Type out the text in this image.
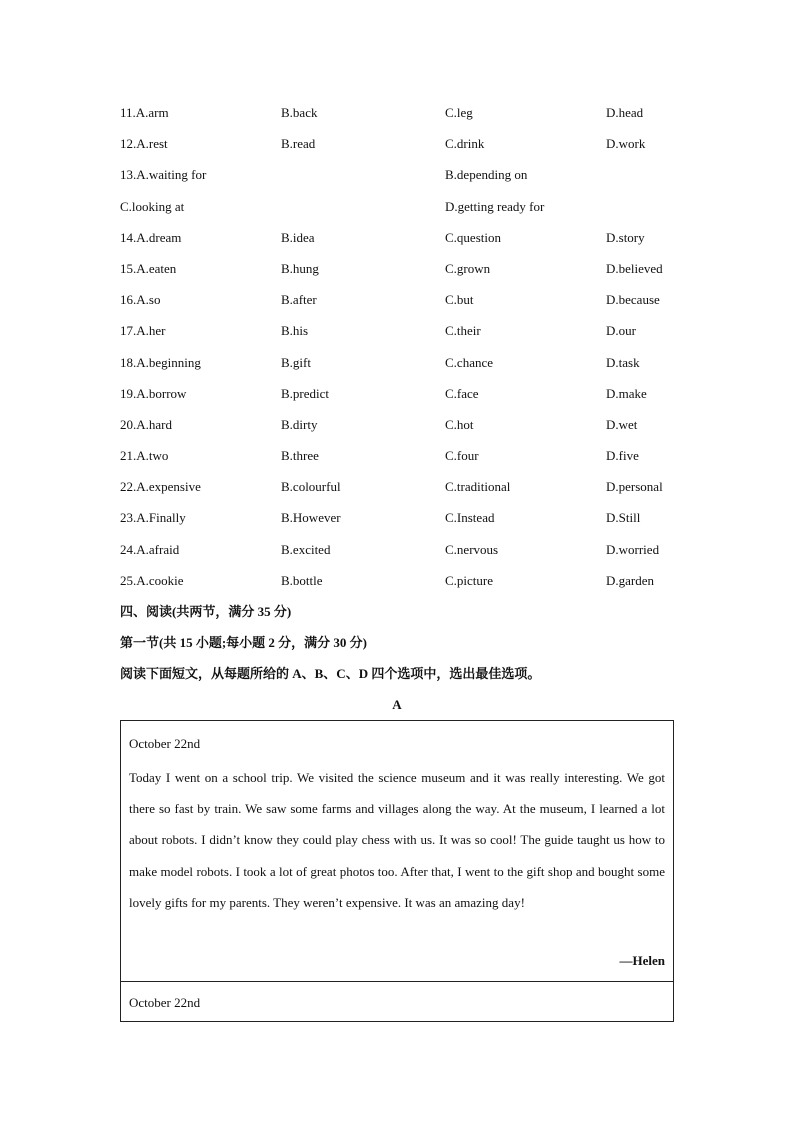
11.A.arm	B.back	C.leg	D.head
12.A.rest	B.read	C.drink	D.work
13.A.waiting for	B.depending on
C.looking at	D.getting ready for
14.A.dream	B.idea	C.question	D.story
15.A.eaten	B.hung	C.grown	D.believed
16.A.so	B.after	C.but	D.because
17.A.her	B.his	C.their	D.our
18.A.beginning	B.gift	C.chance	D.task
19.A.borrow	B.predict	C.face	D.make
20.A.hard	B.dirty	C.hot	D.wet
21.A.two	B.three	C.four	D.five
22.A.expensive	B.colourful	C.traditional	D.personal
23.A.Finally	B.However	C.Instead	D.Still
24.A.afraid	B.excited	C.nervous	D.worried
25.A.cookie	B.bottle	C.picture	D.garden
四、阅读(共两节，满分 35 分)
第一节(共 15 小题;每小题 2 分，满分 30 分)
阅读下面短文，从每题所给的 A、B、C、D 四个选项中，选出最佳选项。
A
October 22nd
Today I went on a school trip. We visited the science museum and it was really interesting. We got there so fast by train. We saw some farms and villages along the way. At the museum, I learned a lot about robots. I didn’t know they could play chess with us. It was so cool! The guide taught us how to make model robots. I took a lot of great photos too. After that, I went to the gift shop and bought some lovely gifts for my parents. They weren’t expensive. It was an amazing day!
—Helen
October 22nd
